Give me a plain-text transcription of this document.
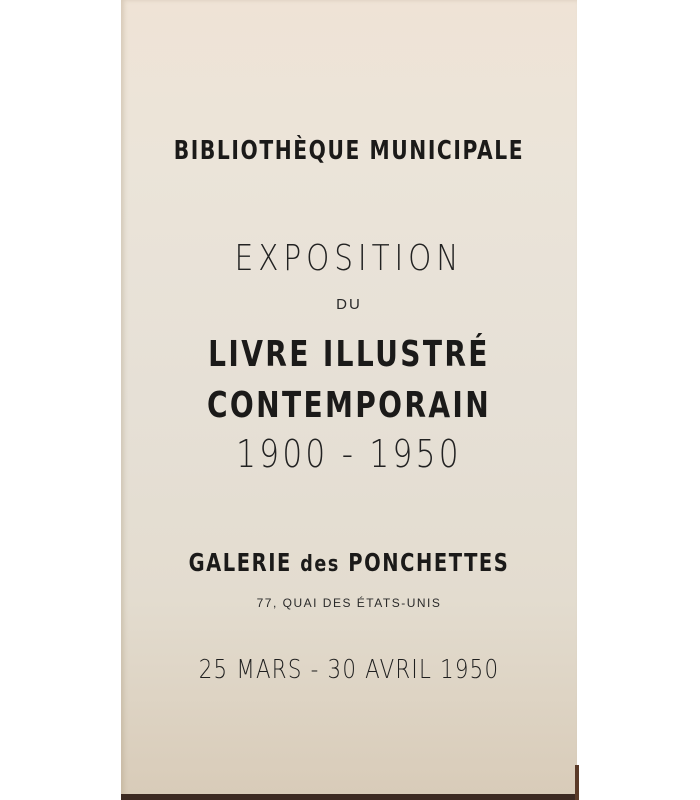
BIBLIOTHÈQUE MUNICIPALE
EXPOSITION
DU
LIVRE ILLUSTRÉ
CONTEMPORAIN
1900 - 1950
GALERIE des PONCHETTES
77, QUAI DES ÉTATS-UNIS
25 MARS - 30 AVRIL 1950
